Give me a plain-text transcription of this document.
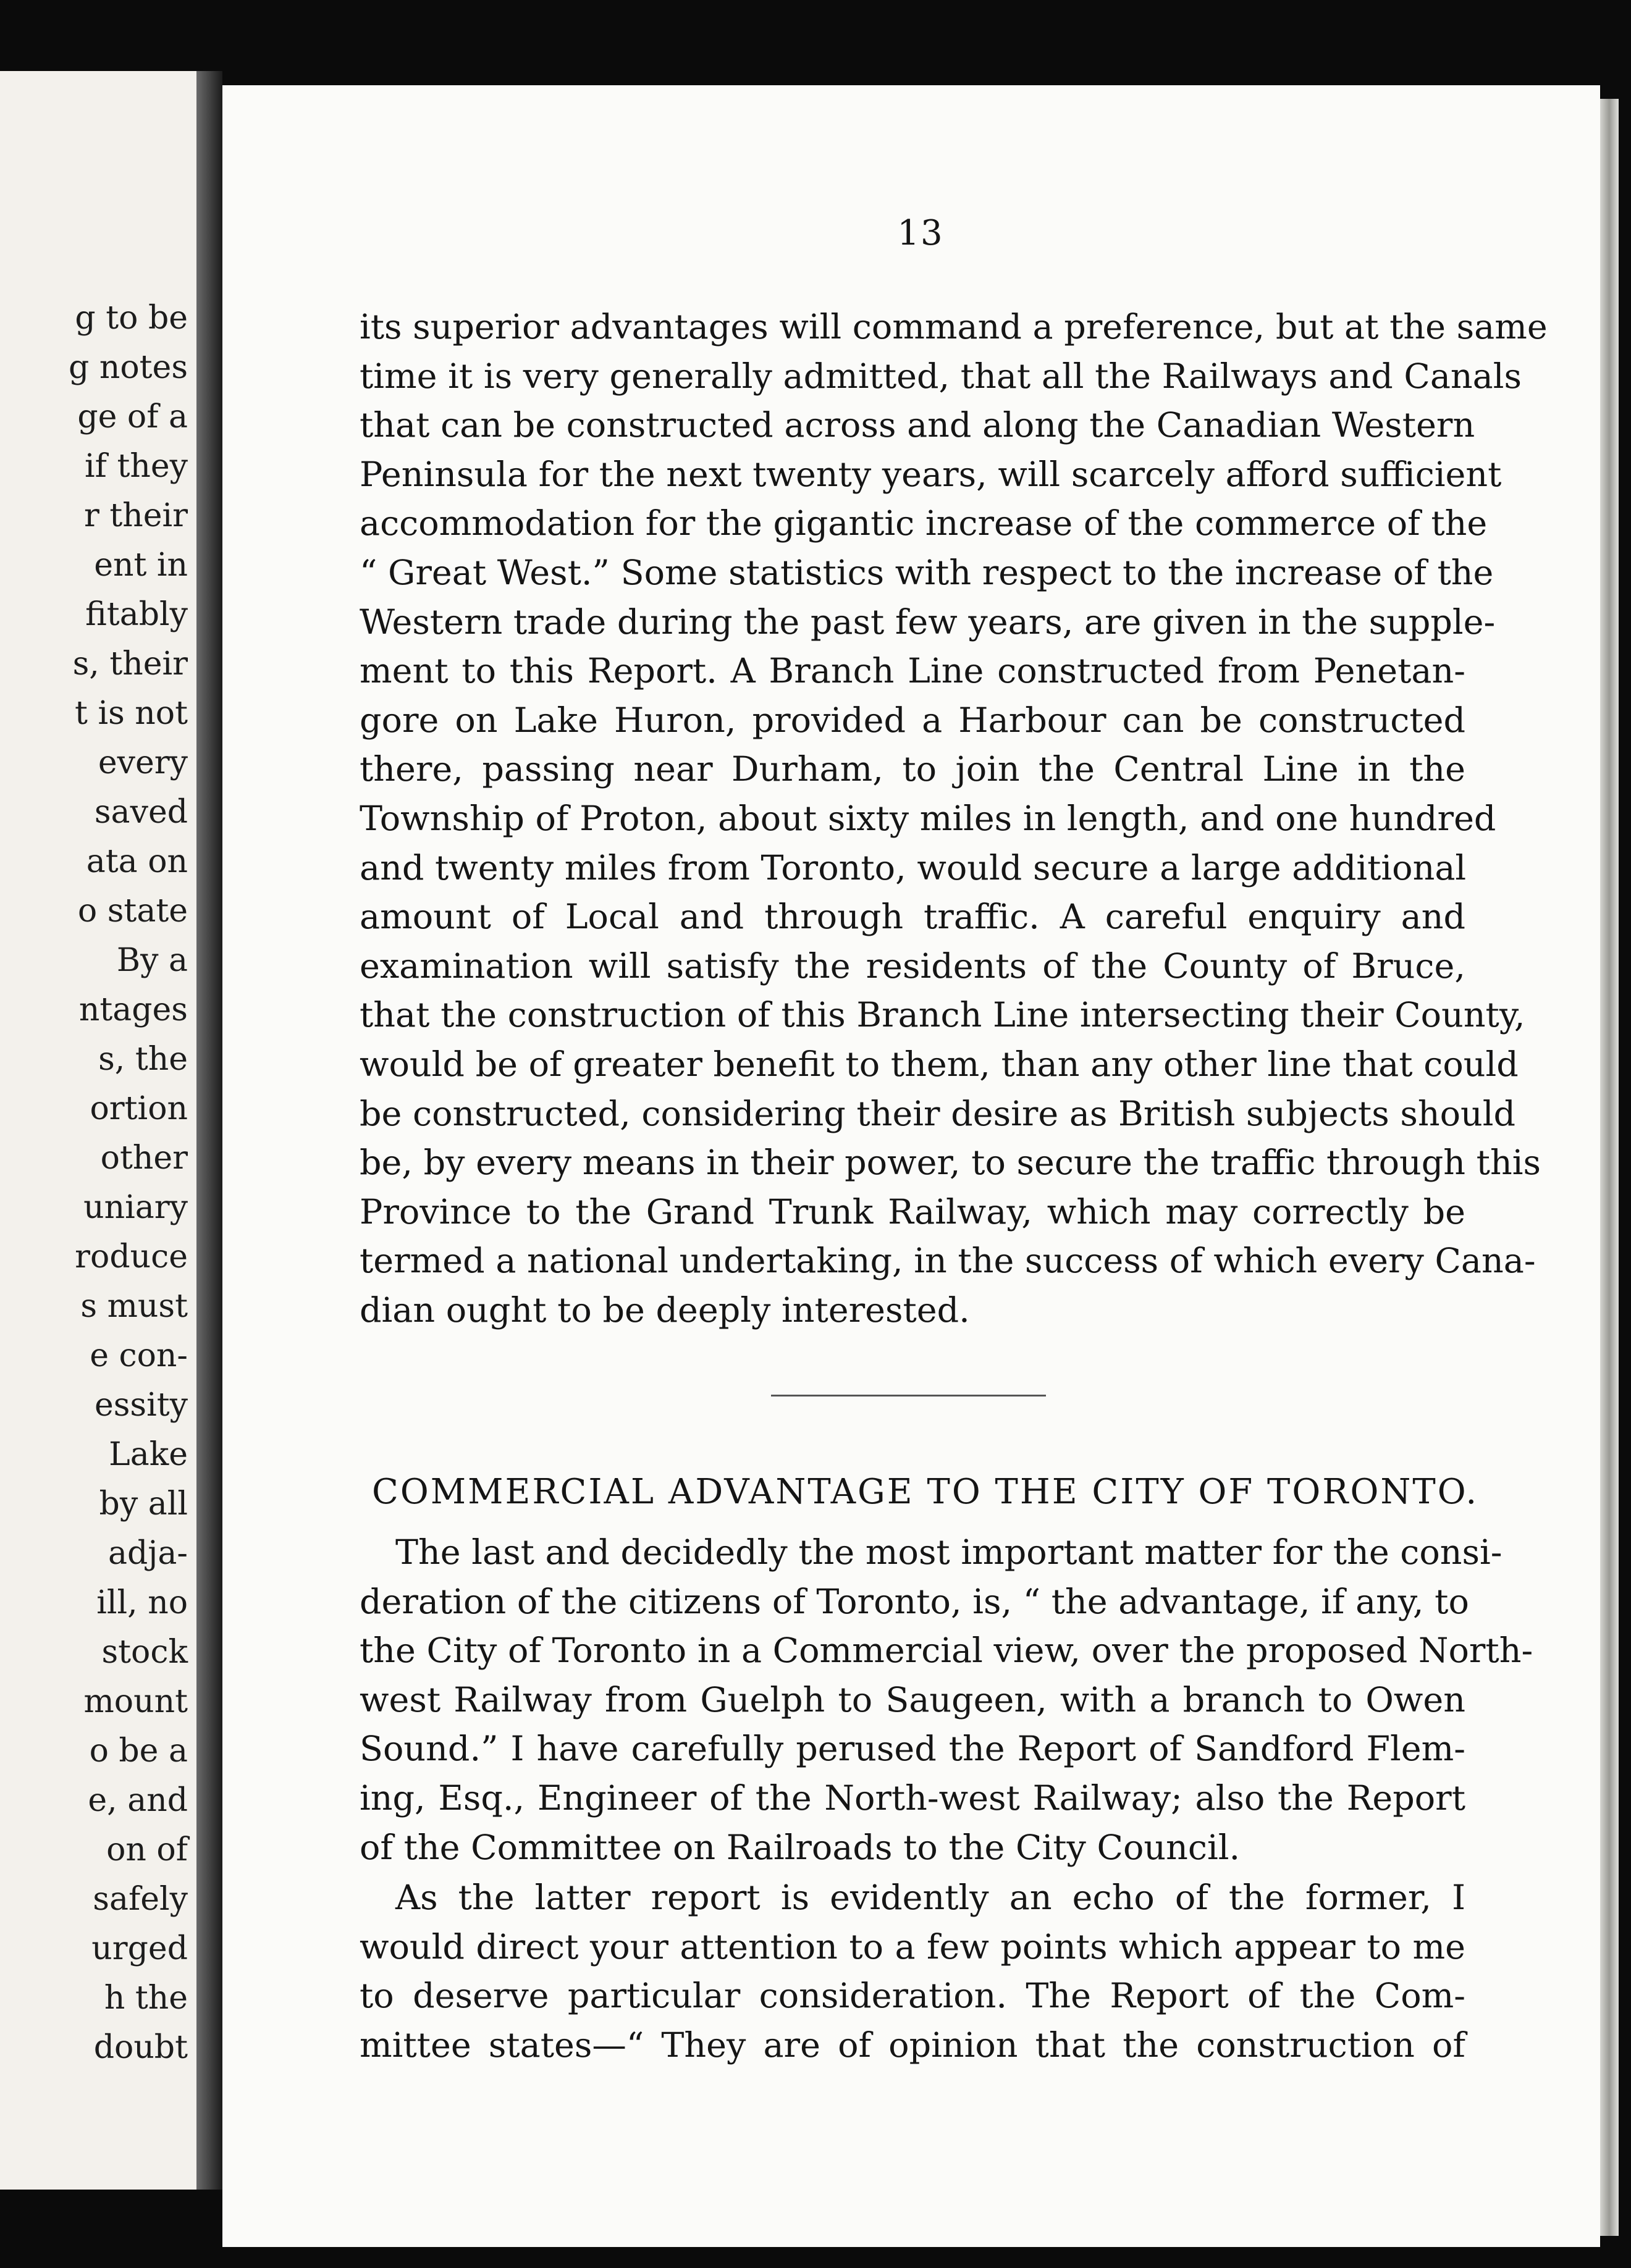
g to be
g notes
ge of a
if they
r their
ent in
fitably
s, their
t is not
every
saved
ata on
o state
By a
ntages
s, the
ortion
other
uniary
roduce
s must
e con-
essity
Lake
by all
adja-
ill, no
stock
mount
o be a
e, and
on of
safely
urged
h the
doubt
13
its superior advantages will command a preference, but at the same
time it is very generally admitted, that all the Railways and Canals
that can be constructed across and along the Canadian Western
Peninsula for the next twenty years, will scarcely afford sufficient
accommodation for the gigantic increase of the commerce of the
“ Great West.” Some statistics with respect to the increase of the
Western trade during the past few years, are given in the supple-
ment to this Report. A Branch Line constructed from Penetan-
gore on Lake Huron, provided a Harbour can be constructed
there, passing near Durham, to join the Central Line in the
Township of Proton, about sixty miles in length, and one hundred
and twenty miles from Toronto, would secure a large additional
amount of Local and through traffic. A careful enquiry and
examination will satisfy the residents of the County of Bruce,
that the construction of this Branch Line intersecting their County,
would be of greater benefit to them, than any other line that could
be constructed, considering their desire as British subjects should
be, by every means in their power, to secure the traffic through this
Province to the Grand Trunk Railway, which may correctly be
termed a national undertaking, in the success of which every Cana-
dian ought to be deeply interested.
COMMERCIAL ADVANTAGE TO THE CITY OF TORONTO.
The last and decidedly the most important matter for the consi-
deration of the citizens of Toronto, is, “ the advantage, if any, to
the City of Toronto in a Commercial view, over the proposed North-
west Railway from Guelph to Saugeen, with a branch to Owen
Sound.” I have carefully perused the Report of Sandford Flem-
ing, Esq., Engineer of the North-west Railway; also the Report
of the Committee on Railroads to the City Council.
As the latter report is evidently an echo of the former, I
would direct your attention to a few points which appear to me
to deserve particular consideration. The Report of the Com-
mittee states—“ They are of opinion that the construction of
